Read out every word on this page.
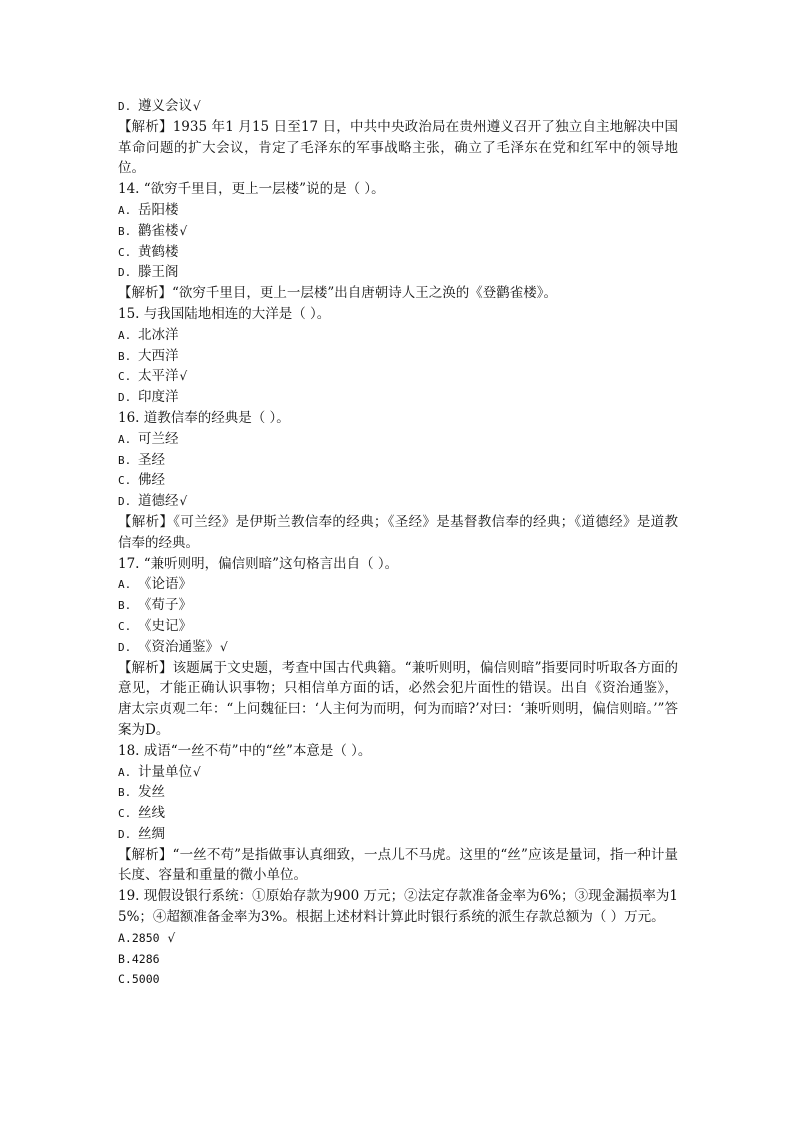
D. 遵义会议√
【解析】1935 年1 月15 日至17 日，中共中央政治局在贵州遵义召开了独立自主地解决中国革命问题的扩大会议，肯定了毛泽东的军事战略主张，确立了毛泽东在党和红军中的领导地位。
14. “欲穷千里目，更上一层楼”说的是（ ）。
A. 岳阳楼
B. 鹳雀楼√
C. 黄鹤楼
D. 滕王阁
【解析】“欲穷千里目，更上一层楼”出自唐朝诗人王之涣的《登鹳雀楼》。
15. 与我国陆地相连的大洋是（ ）。
A. 北冰洋
B. 大西洋
C. 太平洋√
D. 印度洋
16. 道教信奉的经典是（ ）。
A. 可兰经
B. 圣经
C. 佛经
D. 道德经√
【解析】《可兰经》是伊斯兰教信奉的经典；《圣经》是基督教信奉的经典；《道德经》是道教信奉的经典。
17. “兼听则明，偏信则暗”这句格言出自（ ）。
A. 《论语》
B. 《荀子》
C. 《史记》
D. 《资治通鉴》√
【解析】该题属于文史题，考查中国古代典籍。“兼听则明，偏信则暗”指要同时听取各方面的意见，才能正确认识事物；只相信单方面的话，必然会犯片面性的错误。出自《资治通鉴》，唐太宗贞观二年：“上问魏征曰：‘人主何为而明，何为而暗?’对曰：‘兼听则明，偏信则暗。’”答案为D。
18. 成语“一丝不苟”中的“丝”本意是（ ）。
A. 计量单位√
B. 发丝
C. 丝线
D. 丝绸
【解析】“一丝不苟”是指做事认真细致，一点儿不马虎。这里的“丝”应该是量词，指一种计量长度、容量和重量的微小单位。
19. 现假设银行系统：①原始存款为900 万元；②法定存款准备金率为6%；③现金漏损率为15%；④超额准备金率为3%。根据上述材料计算此时银行系统的派生存款总额为（ ）万元。
A.2850 √
B.4286
C.5000
